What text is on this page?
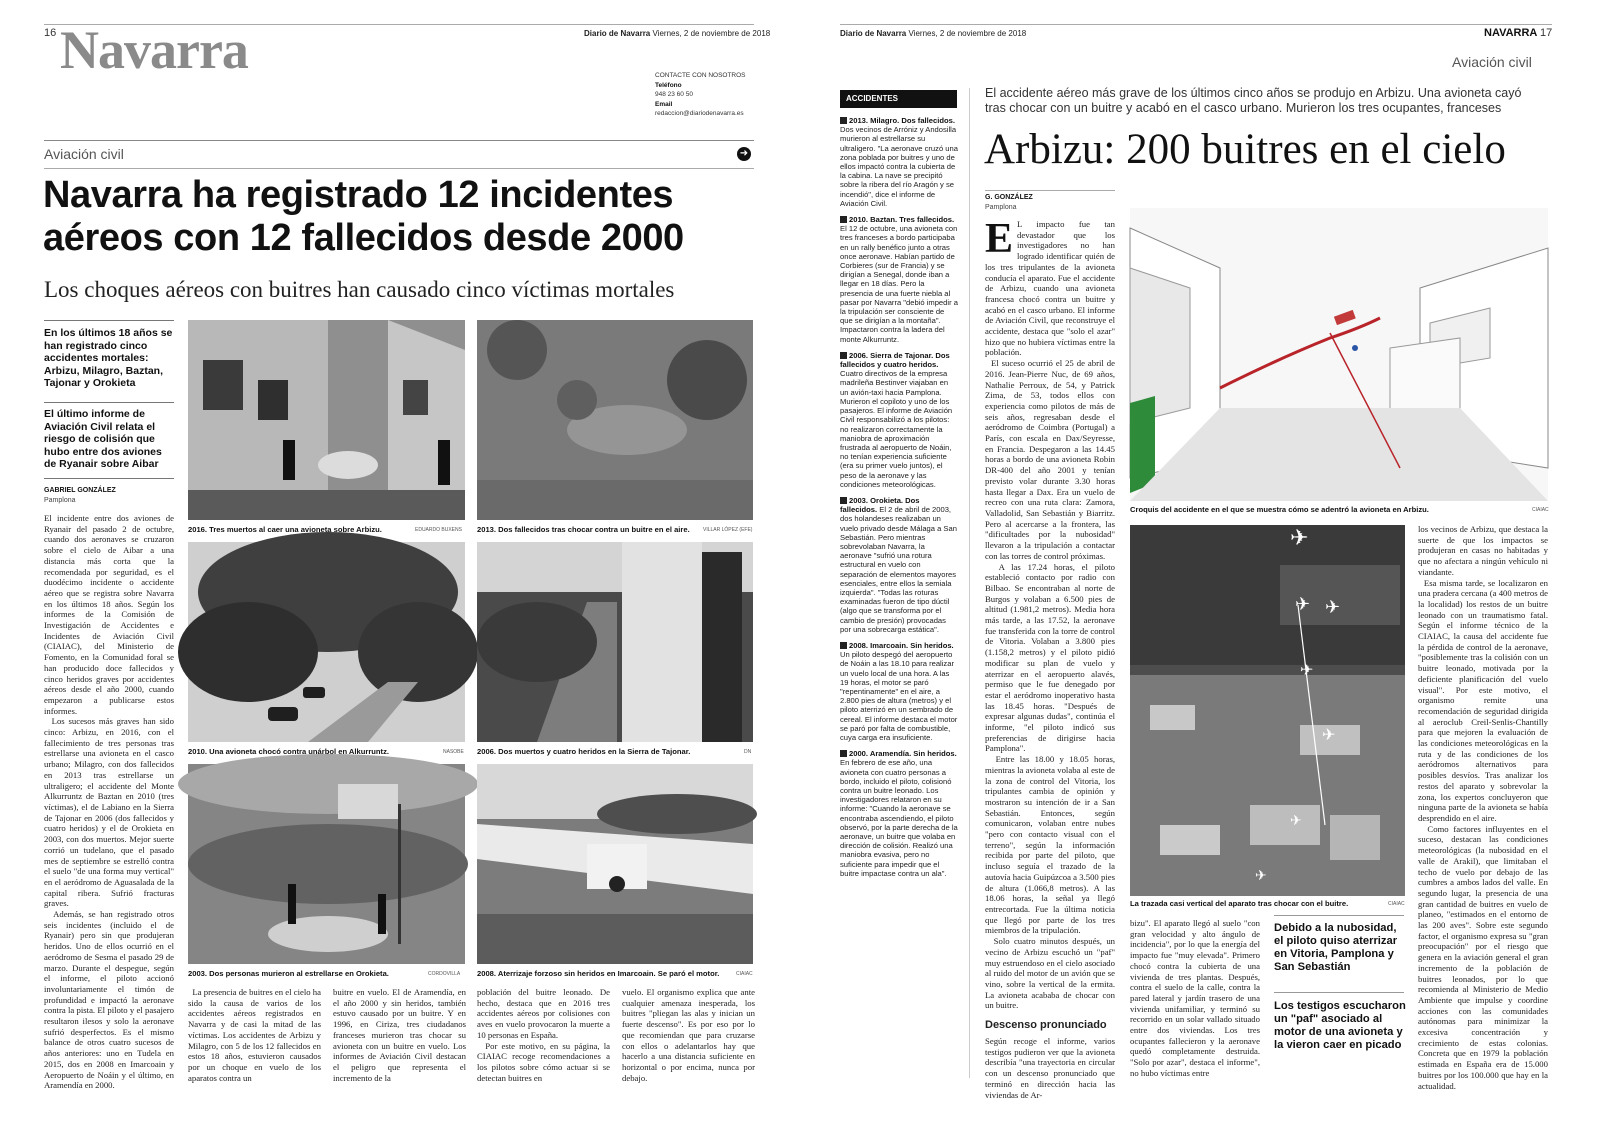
16 Navarra	Diario de Navarra Viernes, 2 de noviembre de 2018
CONTACTE CON NOSOTROS
Teléfono
948 23 60 50
Email
redaccion@diariodenavarra.es
Aviación civil	➜
Navarra ha registrado 12 incidentes
aéreos con 12 fallecidos desde 2000
Los choques aéreos con buitres han causado cinco víctimas mortales
En los últimos 18 años se han registrado cinco accidentes mortales: Arbizu, Milagro, Baztan, Tajonar y Orokieta
El último informe de Aviación Civil relata el riesgo de colisión que hubo entre dos aviones de Ryanair sobre Aibar
GABRIEL GONZÁLEZ
Pamplona
El incidente entre dos aviones de Ryanair del pasado 2 de octubre, cuando dos aeronaves se cruzaron sobre el cielo de Aibar a una distancia más corta que la recomendada por seguridad, es el duodécimo incidente o accidente aéreo que se registra sobre Navarra en los últimos 18 años. Según los informes de la Comisión de Investigación de Accidentes e Incidentes de Aviación Civil (CIAIAC), del Ministerio de Fomento, en la Comunidad foral se han producido doce fallecidos y cinco heridos graves por accidentes aéreos desde el año 2000, cuando empezaron a publicarse estos informes.
Los sucesos más graves han sido cinco: Arbizu, en 2016, con el fallecimiento de tres personas tras estrellarse una avioneta en el casco urbano; Milagro, con dos fallecidos en 2013 tras estrellarse un ultraligero; el accidente del Monte Alkurruntz de Baztan en 2010 (tres víctimas), el de Labiano en la Sierra de Tajonar en 2006 (dos fallecidos y cuatro heridos) y el de Orokieta en 2003, con dos muertos. Mejor suerte corrió un tudelano, que el pasado mes de septiembre se estrelló contra el suelo "de una forma muy vertical" en el aeródromo de Aguasalada de la capital ribera. Sufrió fracturas graves.
Además, se han registrado otros seis incidentes (incluido el de Ryanair) pero sin que produjeran heridos. Uno de ellos ocurrió en el aeródromo de Sesma el pasado 29 de marzo. Durante el despegue, según el informe, el piloto accionó involuntariamente el timón de profundidad e impactó la aeronave contra la pista. El piloto y el pasajero resultaron ilesos y solo la aeronave sufrió desperfectos. Es el mismo balance de otros cuatro sucesos de años anteriores: uno en Tudela en 2015, dos en 2008 en Imarcoain y Aeropuerto de Noáin y el último, en Aramendía en 2000.
2016. Tres muertos al caer una avioneta sobre Arbizu.	EDUARDO BUXENS 2013. Dos fallecidos tras chocar contra un buitre en el aire.	VILLAR LÓPEZ (EFE)
2010. Una avioneta chocó contra unárbol en Alkurruntz.	NASOBE 2006. Dos muertos y cuatro heridos en la Sierra de Tajonar.	DN
2003. Dos personas murieron al estrellarse en Orokieta.	CORDOVILLA 2008. Aterrizaje forzoso sin heridos en Imarcoain. Se paró el motor.	CIAIAC
La presencia de buitres en el cielo ha sido la causa de varios de los accidentes aéreos registrados en Navarra y de casi la mitad de las víctimas. Los accidentes de Arbizu y Milagro, con 5 de los 12 fallecidos en estos 18 años, estuvieron causados por un choque en vuelo de los aparatos contra un
buitre en vuelo. El de Aramendía, en el año 2000 y sin heridos, también estuvo causado por un buitre. Y en 1996, en Ciriza, tres ciudadanos franceses murieron tras chocar su avioneta con un buitre en vuelo. Los informes de Aviación Civil destacan el peligro que representa el incremento de la
población del buitre leonado. De hecho, destaca que en 2016 tres accidentes aéreos por colisiones con aves en vuelo provocaron la muerte a 10 personas en España.
Por este motivo, en su página, la CIAIAC recoge recomendaciones a los pilotos sobre cómo actuar si se detectan buitres en
vuelo. El organismo explica que ante cualquier amenaza inesperada, los buitres "pliegan las alas y inician un fuerte descenso". Es por eso por lo que recomiendan que para cruzarse con ellos o adelantarlos hay que hacerlo a una distancia suficiente en horizontal o por encima, nunca por debajo.
Diario de Navarra Viernes, 2 de noviembre de 2018	NAVARRA 17
Aviación civil
ACCIDENTES
2013. Milagro. Dos fallecidos. Dos vecinos de Arróniz y Andosilla murieron al estrellarse su ultraligero. "La aeronave cruzó una zona poblada por buitres y uno de ellos impactó contra la cubierta de la cabina. La nave se precipitó sobre la ribera del río Aragón y se incendió", dice el informe de Aviación Civil.
2010. Baztan. Tres fallecidos. El 12 de octubre, una avioneta con tres franceses a bordo participaba en un rally benéfico junto a otras once aeronave. Habían partido de Corbieres (sur de Francia) y se dirigían a Senegal, donde iban a llegar en 18 días. Pero la presencia de una fuerte niebla al pasar por Navarra "debió impedir a la tripulación ser consciente de que se dirigían a la montaña". Impactaron contra la ladera del monte Alkurruntz.
2006. Sierra de Tajonar. Dos fallecidos y cuatro heridos. Cuatro directivos de la empresa madrileña Bestinver viajaban en un avión-taxi hacia Pamplona. Murieron el copiloto y uno de los pasajeros. El informe de Aviación Civil responsabilizó a los pilotos: no realizaron correctamente la maniobra de aproximación frustrada al aeropuerto de Noáin, no tenían experiencia suficiente (era su primer vuelo juntos), el peso de la aeronave y las condiciones meteorológicas.
2003. Orokieta. Dos fallecidos. El 2 de abril de 2003, dos holandeses realizaban un vuelo privado desde Málaga a San Sebastián. Pero mientras sobrevolaban Navarra, la aeronave "sufrió una rotura estructural en vuelo con separación de elementos mayores esenciales, entre ellos la semiala izquierda". "Todas las roturas examinadas fueron de tipo dúctil (algo que se transforma por el cambio de presión) provocadas por una sobrecarga estática".
2008. Imarcoain. Sin heridos. Un piloto despegó del aeropuerto de Noáin a las 18.10 para realizar un vuelo local de una hora. A las 19 horas, el motor se paró "repentinamente" en el aire, a 2.800 pies de altura (metros) y el piloto aterrizó en un sembrado de cereal. El informe destaca el motor se paró por falta de combustible, cuya carga era insuficiente.
2000. Aramendía. Sin heridos. En febrero de ese año, una avioneta con cuatro personas a bordo, incluido el piloto, colisionó contra un buitre leonado. Los investigadores relataron en su informe: "Cuando la aeronave se encontraba ascendiendo, el piloto observó, por la parte derecha de la aeronave, un buitre que volaba en dirección de colisión. Realizó una maniobra evasiva, pero no suficiente para impedir que el buitre impactase contra un ala".
El accidente aéreo más grave de los últimos cinco años se produjo en Arbizu. Una avioneta cayó tras chocar con un buitre y acabó en el casco urbano. Murieron los tres ocupantes, franceses
Arbizu: 200 buitres en el cielo
G. GONZÁLEZ
Pamplona
E L impacto fue tan devastador que los investigadores no han logrado identificar quién de los tres tripulantes de la avioneta conducía el aparato. Fue el accidente de Arbizu, cuando una avioneta francesa chocó contra un buitre y acabó en el casco urbano. El informe de Aviación Civil, que reconstruye el accidente, destaca que "solo el azar" hizo que no hubiera víctimas entre la población.
El suceso ocurrió el 25 de abril de 2016. Jean-Pierre Nuc, de 69 años, Nathalie Perroux, de 54, y Patrick Zima, de 53, todos ellos con experiencia como pilotos de más de seis años, regresaban desde el aeródromo de Coimbra (Portugal) a París, con escala en Dax/Seyresse, en Francia. Despegaron a las 14.45 horas a bordo de una avioneta Robin DR-400 del año 2001 y tenían previsto volar durante 3.30 horas hasta llegar a Dax. Era un vuelo de recreo con una ruta clara: Zamora, Valladolid, San Sebastián y Biarritz. Pero al acercarse a la frontera, las "dificultades por la nubosidad" llevaron a la tripulación a contactar con las torres de control próximas.
A las 17.24 horas, el piloto estableció contacto por radio con Bilbao. Se encontraban al norte de Burgos y volaban a 6.500 pies de altitud (1.981,2 metros). Media hora más tarde, a las 17.52, la aeronave fue transferida con la torre de control de Vitoria. Volaban a 3.800 pies (1.158,2 metros) y el piloto pidió modificar su plan de vuelo y aterrizar en el aeropuerto alavés, permiso que le fue denegado por estar el aeródromo inoperativo hasta las 18.45 horas. "Después de expresar algunas dudas", continúa el informe, "el piloto indicó sus preferencias de dirigirse hacia Pamplona".
Entre las 18.00 y 18.05 horas, mientras la avioneta volaba al este de la zona de control del Vitoria, los tripulantes cambia de opinión y mostraron su intención de ir a San Sebastián. Entonces, según comunicaron, volaban entre nubes "pero con contacto visual con el terreno", según la información recibida por parte del piloto, que incluso seguía el trazado de la autovía hacia Guipúzcoa a 3.500 pies de altura (1.066,8 metros). A las 18.06 horas, la señal ya llegó entrecortada. Fue la última noticia que llegó por parte de los tres miembros de la tripulación.
Solo cuatro minutos después, un vecino de Arbizu escuchó un "paf" muy estruendoso en el cielo asociado al ruido del motor de un avión que se vino, sobre la vertical de la ermita. La avioneta acababa de chocar con un buitre.
Descenso pronunciado
Según recoge el informe, varios testigos pudieron ver que la avioneta describía "una trayectoria en circular con un descenso pronunciado que terminó en dirección hacia las viviendas de Ar-
Croquis del accidente en el que se muestra cómo se adentró la avioneta en Arbizu.	CIAIAC
✈
✈ ✈
✈
✈
✈
✈
La trazada casi vertical del aparato tras chocar con el buitre.	CIAIAC
bizu". El aparato llegó al suelo "con gran velocidad y alto ángulo de incidencia", por lo que la energía del impacto fue "muy elevada". Primero chocó contra la cubierta de una vivienda de tres plantas. Después, contra el suelo de la calle, contra la pared lateral y jardín trasero de una vivienda unifamiliar, y terminó su recorrido en un solar vallado situado entre dos viviendas. Los tres ocupantes fallecieron y la aeronave quedó completamente destruida. "Solo por azar", destaca el informe", no hubo víctimas entre
Debido a la nubosidad, el piloto quiso aterrizar en Vitoria, Pamplona y San Sebastián
Los testigos escucharon un "paf" asociado al motor de una avioneta y la vieron caer en picado
los vecinos de Arbizu, que destaca la suerte de que los impactos se produjeran en casas no habitadas y que no afectara a ningún vehículo ni viandante.
Esa misma tarde, se localizaron en una pradera cercana (a 400 metros de la localidad) los restos de un buitre leonado con un traumatismo fatal. Según el informe técnico de la CIAIAC, la causa del accidente fue la pérdida de control de la aeronave, "posiblemente tras la colisión con un buitre leonado, motivada por la deficiente planificación del vuelo visual". Por este motivo, el organismo remite una recomendación de seguridad dirigida al aeroclub Creil-Senlis-Chantilly para que mejoren la evaluación de las condiciones meteorológicas en la ruta y de las condiciones de los aeródromos alternativos para posibles desvíos. Tras analizar los restos del aparato y sobrevolar la zona, los expertos concluyeron que ninguna parte de la avioneta se había desprendido en el aire.
Como factores influyentes en el suceso, destacan las condiciones meteorológicas (la nubosidad en el valle de Arakil), que limitaban el techo de vuelo por debajo de las cumbres a ambos lados del valle. En segundo lugar, la presencia de una gran cantidad de buitres en vuelo de planeo, "estimados en el entorno de las 200 aves". Sobre este segundo factor, el organismo expresa su "gran preocupación" por el riesgo que genera en la aviación general el gran incremento de la población de buitres leonados, por lo que recomienda al Ministerio de Medio Ambiente que impulse y coordine acciones con las comunidades autónomas para minimizar la excesiva concentración y crecimiento de estas colonias. Concreta que en 1979 la población estimada en España era de 15.000 buitres por los 100.000 que hay en la actualidad.
